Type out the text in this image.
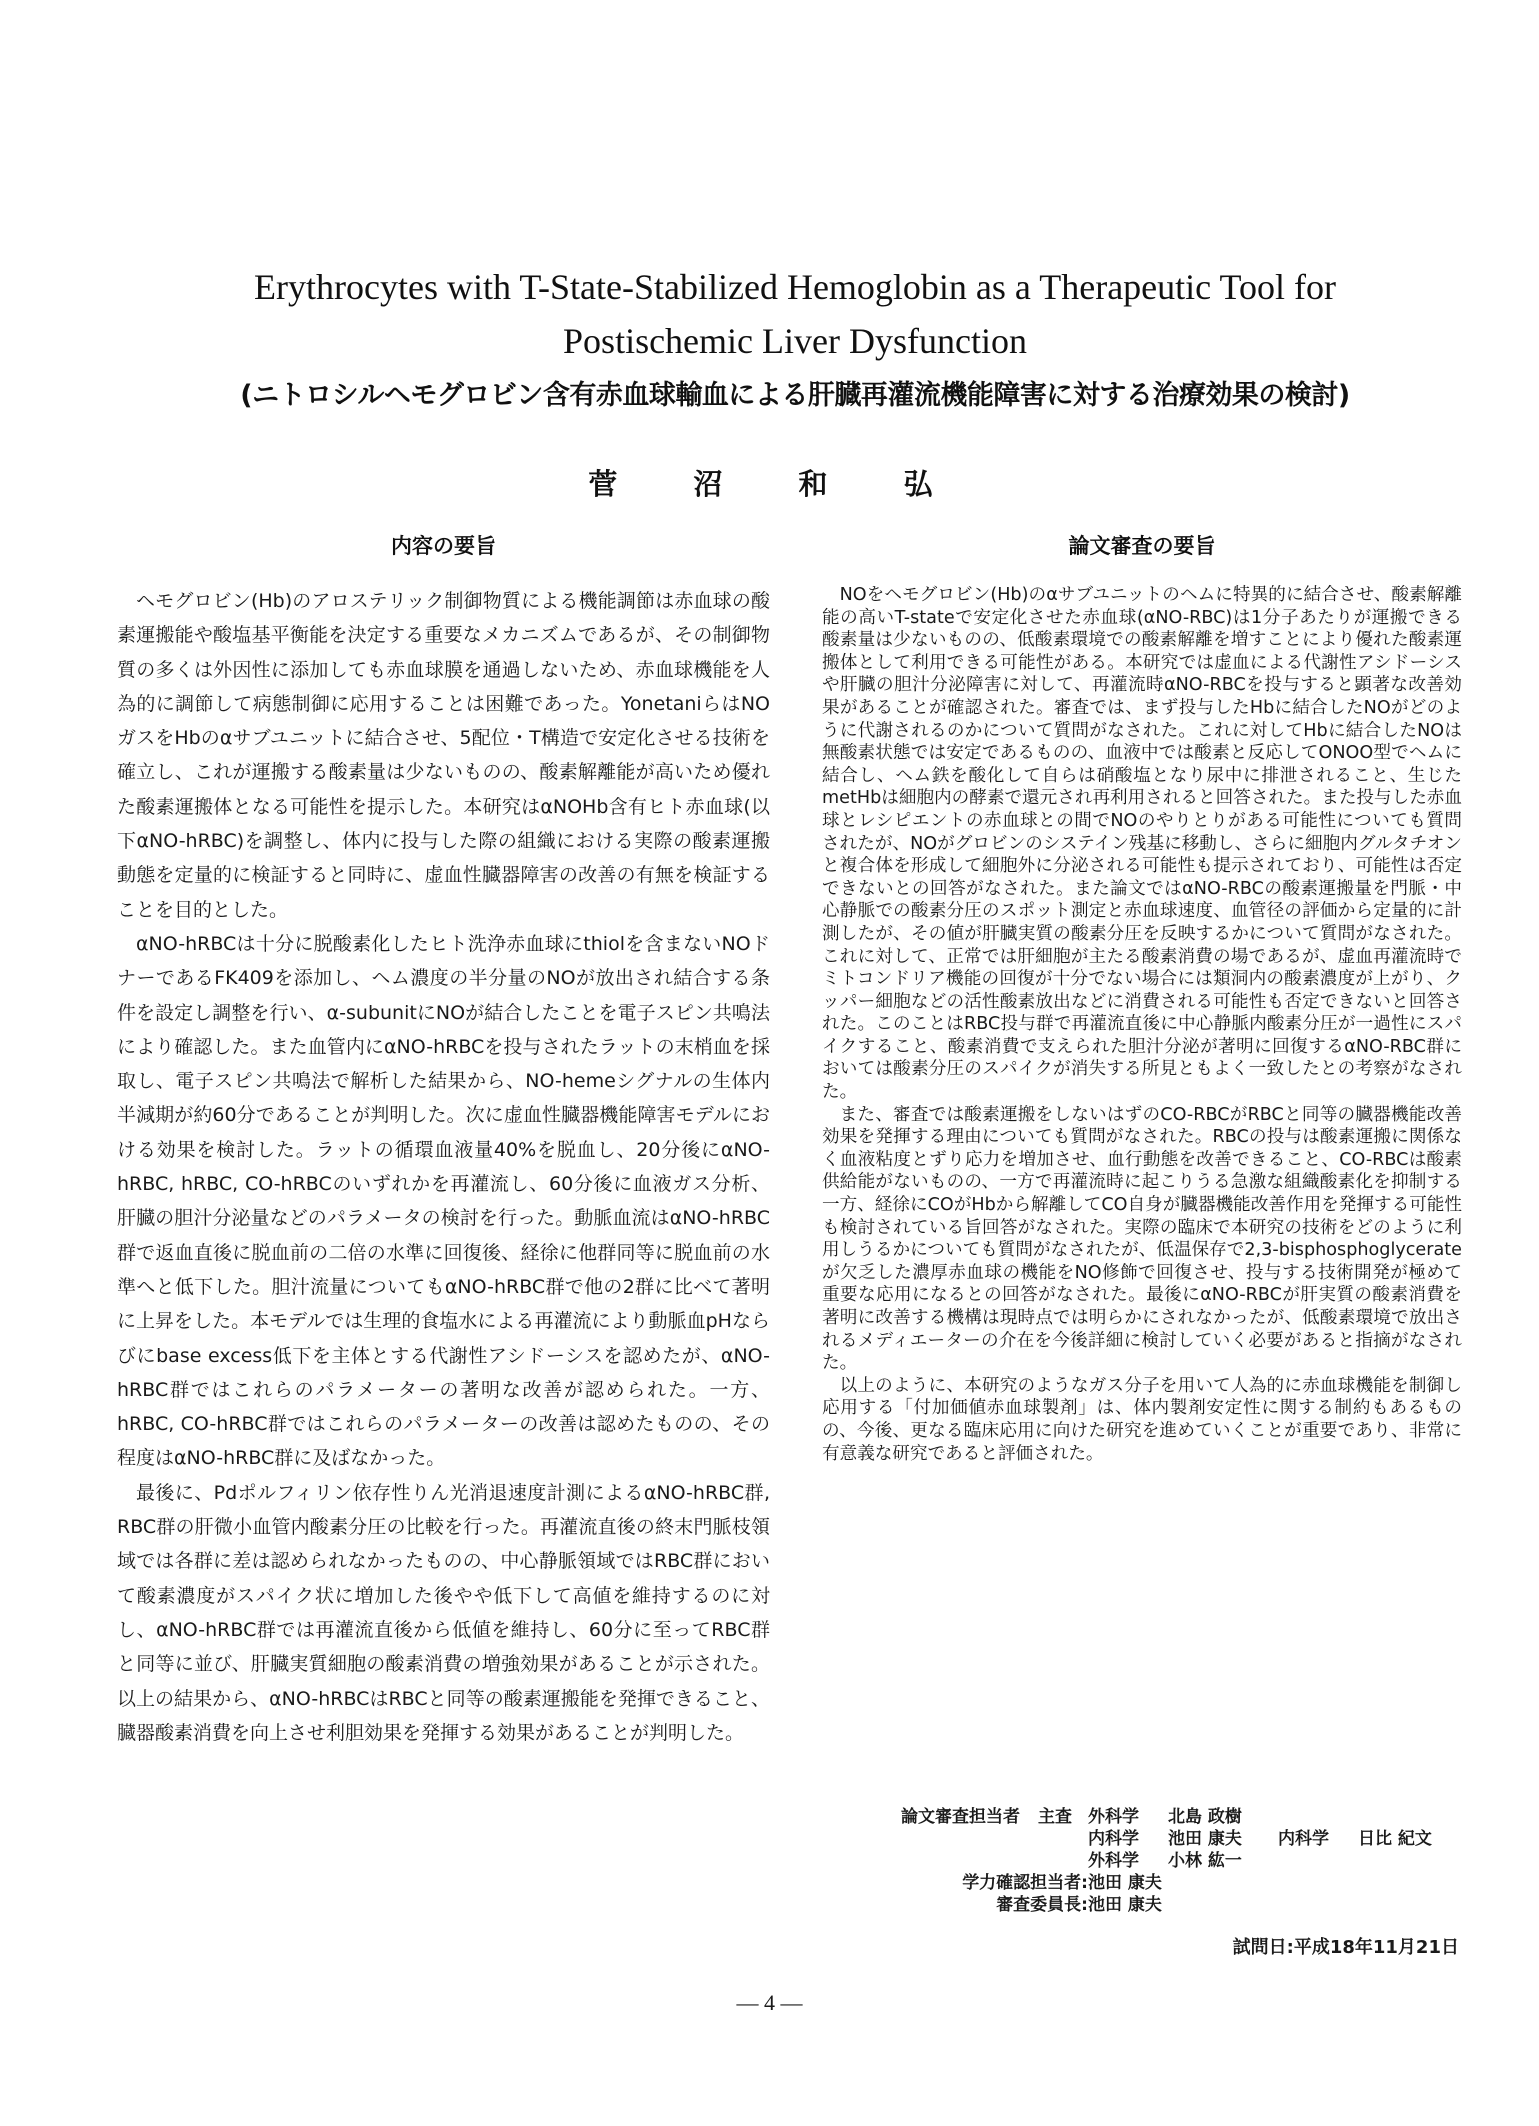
Erythrocytes with T-State-Stabilized Hemoglobin as a Therapeutic Tool for
Postischemic Liver Dysfunction
(ニトロシルヘモグロビン含有赤血球輸血による肝臓再灌流機能障害に対する治療効果の検討)
菅 沼 和 弘
内容の要旨

ヘモグロビン(Hb)のアロステリック制御物質による機能調節は赤血球の酸素運搬能や酸塩基平衡能を決定する重要なメカニズムであるが、その制御物質の多くは外因性に添加しても赤血球膜を通過しないため、赤血球機能を人為的に調節して病態制御に応用することは困難であった。YonetaniらはNOガスをHbのαサブユニットに結合させ、5配位・T構造で安定化させる技術を確立し、これが運搬する酸素量は少ないものの、酸素解離能が高いため優れた酸素運搬体となる可能性を提示した。本研究はαNOHb含有ヒト赤血球(以下αNO-hRBC)を調整し、体内に投与した際の組織における実際の酸素運搬動態を定量的に検証すると同時に、虚血性臓器障害の改善の有無を検証することを目的とした。

αNO-hRBCは十分に脱酸素化したヒト洗浄赤血球にthiolを含まないNOドナーであるFK409を添加し、ヘム濃度の半分量のNOが放出され結合する条件を設定し調整を行い、α-subunitにNOが結合したことを電子スピン共鳴法により確認した。また血管内にαNO-hRBCを投与されたラットの末梢血を採取し、電子スピン共鳴法で解析した結果から、NO-hemeシグナルの生体内半減期が約60分であることが判明した。次に虚血性臓器機能障害モデルにおける効果を検討した。ラットの循環血液量40%を脱血し、20分後にαNO-hRBC, hRBC, CO-hRBCのいずれかを再灌流し、60分後に血液ガス分析、肝臓の胆汁分泌量などのパラメータの検討を行った。動脈血流はαNO-hRBC群で返血直後に脱血前の二倍の水準に回復後、経徐に他群同等に脱血前の水準へと低下した。胆汁流量についてもαNO-hRBC群で他の2群に比べて著明に上昇をした。本モデルでは生理的食塩水による再灌流により動脈血pHならびにbase excess低下を主体とする代謝性アシドーシスを認めたが、αNO-hRBC群ではこれらのパラメーターの著明な改善が認められた。一方、hRBC, CO-hRBC群ではこれらのパラメーターの改善は認めたものの、その程度はαNO-hRBC群に及ばなかった。

最後に、Pdポルフィリン依存性りん光消退速度計測によるαNO-hRBC群, RBC群の肝微小血管内酸素分圧の比較を行った。再灌流直後の終末門脈枝領域では各群に差は認められなかったものの、中心静脈領域ではRBC群において酸素濃度がスパイク状に増加した後やや低下して高値を維持するのに対し、αNO-hRBC群では再灌流直後から低値を維持し、60分に至ってRBC群と同等に並び、肝臓実質細胞の酸素消費の増強効果があることが示された。以上の結果から、αNO-hRBCはRBCと同等の酸素運搬能を発揮できること、臓器酸素消費を向上させ利胆効果を発揮する効果があることが判明した。

論文審査の要旨

NOをヘモグロビン(Hb)のαサブユニットのヘムに特異的に結合させ、酸素解離能の高いT-stateで安定化させた赤血球(αNO-RBC)は1分子あたりが運搬できる酸素量は少ないものの、低酸素環境での酸素解離を増すことにより優れた酸素運搬体として利用できる可能性がある。本研究では虚血による代謝性アシドーシスや肝臓の胆汁分泌障害に対して、再灌流時αNO-RBCを投与すると顕著な改善効果があることが確認された。審査では、まず投与したHbに結合したNOがどのように代謝されるのかについて質問がなされた。これに対してHbに結合したNOは無酸素状態では安定であるものの、血液中では酸素と反応してONOO型でヘムに結合し、ヘム鉄を酸化して自らは硝酸塩となり尿中に排泄されること、生じたmetHbは細胞内の酵素で還元され再利用されると回答された。また投与した赤血球とレシピエントの赤血球との間でNOのやりとりがある可能性についても質問されたが、NOがグロビンのシステイン残基に移動し、さらに細胞内グルタチオンと複合体を形成して細胞外に分泌される可能性も提示されており、可能性は否定できないとの回答がなされた。また論文ではαNO-RBCの酸素運搬量を門脈・中心静脈での酸素分圧のスポット測定と赤血球速度、血管径の評価から定量的に計測したが、その値が肝臓実質の酸素分圧を反映するかについて質問がなされた。これに対して、正常では肝細胞が主たる酸素消費の場であるが、虚血再灌流時でミトコンドリア機能の回復が十分でない場合には類洞内の酸素濃度が上がり、クッパー細胞などの活性酸素放出などに消費される可能性も否定できないと回答された。このことはRBC投与群で再灌流直後に中心静脈内酸素分圧が一過性にスパイクすること、酸素消費で支えられた胆汁分泌が著明に回復するαNO-RBC群においては酸素分圧のスパイクが消失する所見ともよく一致したとの考察がなされた。

また、審査では酸素運搬をしないはずのCO-RBCがRBCと同等の臓器機能改善効果を発揮する理由についても質問がなされた。RBCの投与は酸素運搬に関係なく血液粘度とずり応力を増加させ、血行動態を改善できること、CO-RBCは酸素供給能がないものの、一方で再灌流時に起こりうる急激な組織酸素化を抑制する一方、経徐にCOがHbから解離してCO自身が臓器機能改善作用を発揮する可能性も検討されている旨回答がなされた。実際の臨床で本研究の技術をどのように利用しうるかについても質問がなされたが、低温保存で2,3-bisphosphoglycerateが欠乏した濃厚赤血球の機能をNO修飾で回復させ、投与する技術開発が極めて重要な応用になるとの回答がなされた。最後にαNO-RBCが肝実質の酸素消費を著明に改善する機構は現時点では明らかにされなかったが、低酸素環境で放出されるメディエーターの介在を今後詳細に検討していく必要があると指摘がなされた。

以上のように、本研究のようなガス分子を用いて人為的に赤血球機能を制御し応用する「付加価値赤血球製剤」は、体内製剤安定性に関する制約もあるものの、今後、更なる臨床応用に向けた研究を進めていくことが重要であり、非常に有意義な研究であると評価された。

論文審査担当者	主査 外科学	北島 政樹
内科学	池田 康夫	内科学	日比 紀文
外科学	小林 紘一
学力確認担当者: 池田 康夫
審査委員長: 池田 康夫
試問日:平成18年11月21日
— 4 —
